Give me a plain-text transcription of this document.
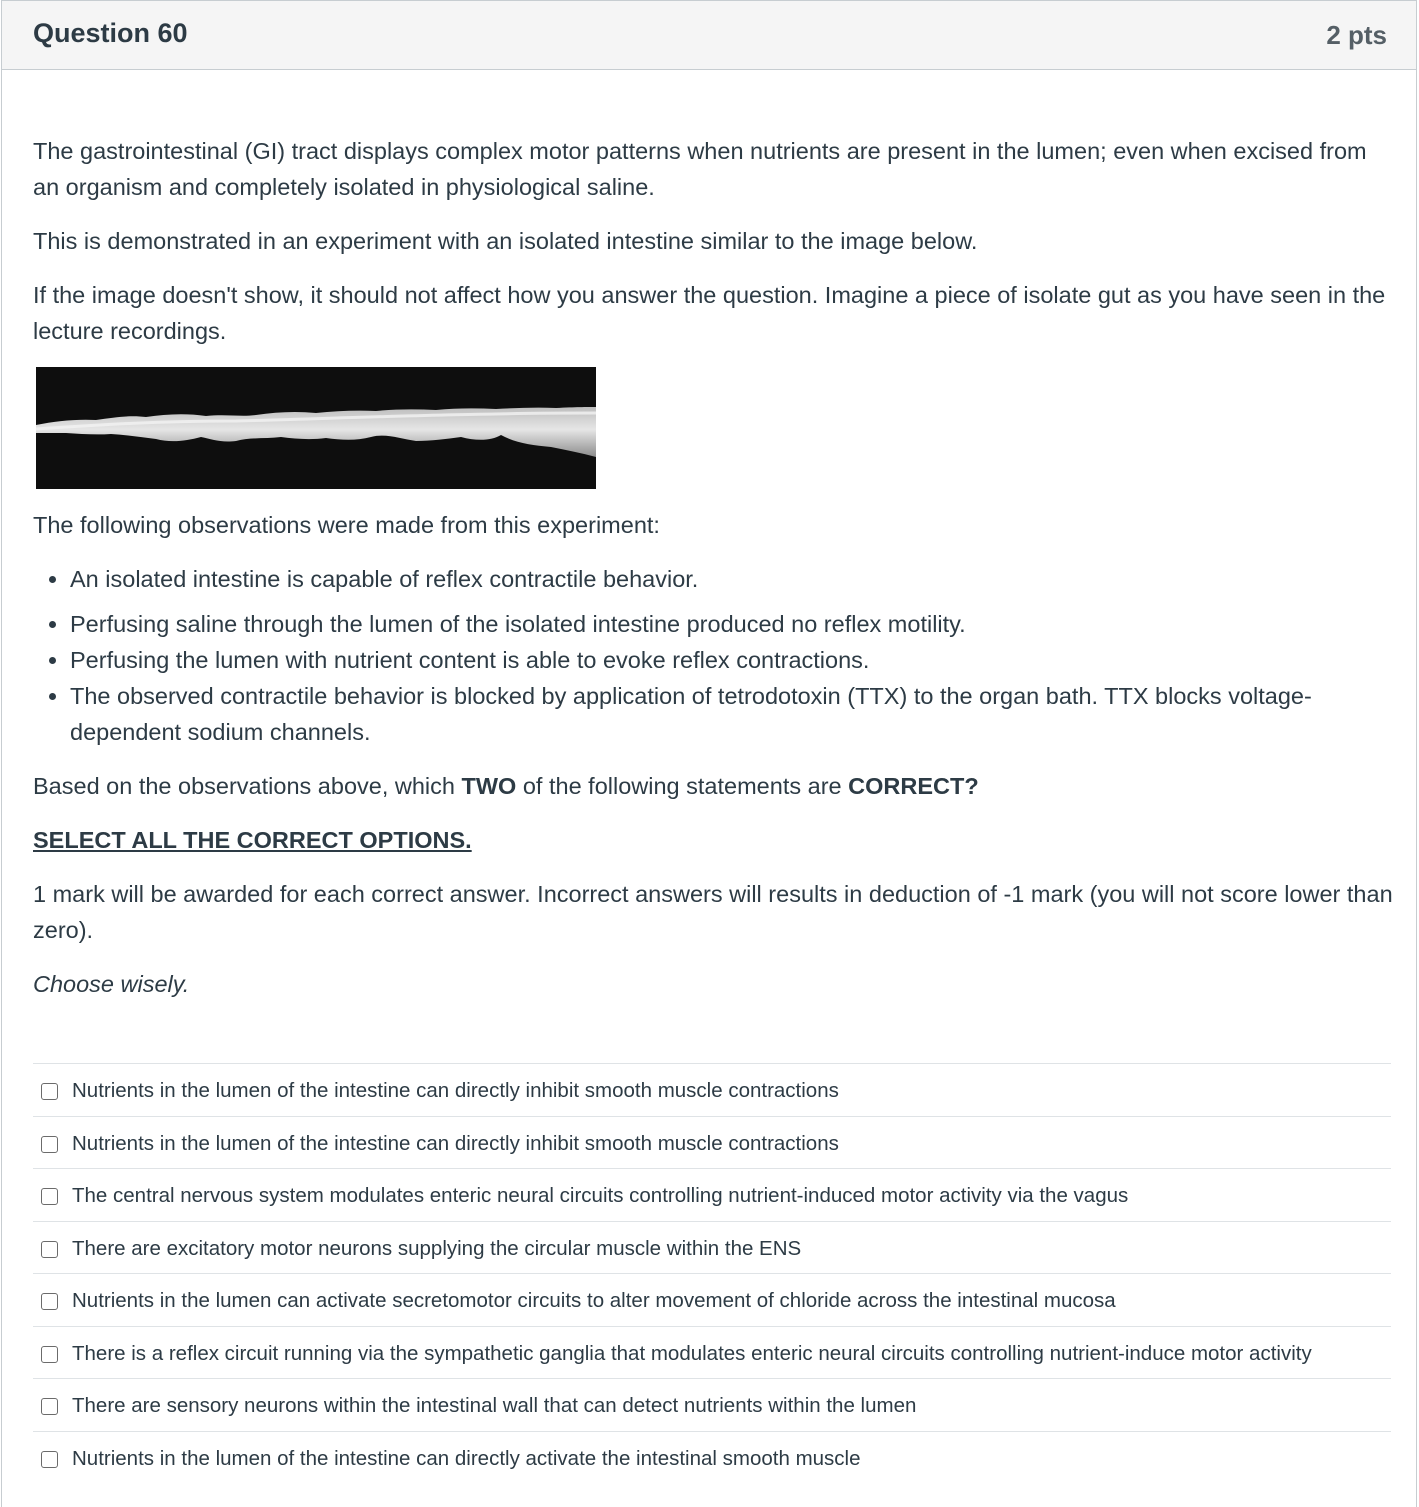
Question 60	2 pts

The gastrointestinal (GI) tract displays complex motor patterns when nutrients are present in the lumen; even when excised from an organism and completely isolated in physiological saline.

This is demonstrated in an experiment with an isolated intestine similar to the image below.

If the image doesn't show, it should not affect how you answer the question. Imagine a piece of isolate gut as you have seen in the lecture recordings.

The following observations were made from this experiment:

• An isolated intestine is capable of reflex contractile behavior.
• Perfusing saline through the lumen of the isolated intestine produced no reflex motility.
• Perfusing the lumen with nutrient content is able to evoke reflex contractions.
• The observed contractile behavior is blocked by application of tetrodotoxin (TTX) to the organ bath. TTX blocks voltage-dependent sodium channels.

Based on the observations above, which TWO of the following statements are CORRECT?

SELECT ALL THE CORRECT OPTIONS.

1 mark will be awarded for each correct answer. Incorrect answers will results in deduction of -1 mark (you will not score lower than zero).

Choose wisely.

Nutrients in the lumen of the intestine can directly inhibit smooth muscle contractions
Nutrients in the lumen of the intestine can directly inhibit smooth muscle contractions
The central nervous system modulates enteric neural circuits controlling nutrient-induced motor activity via the vagus
There are excitatory motor neurons supplying the circular muscle within the ENS
Nutrients in the lumen can activate secretomotor circuits to alter movement of chloride across the intestinal mucosa
There is a reflex circuit running via the sympathetic ganglia that modulates enteric neural circuits controlling nutrient-induce motor activity
There are sensory neurons within the intestinal wall that can detect nutrients within the lumen
Nutrients in the lumen of the intestine can directly activate the intestinal smooth muscle
